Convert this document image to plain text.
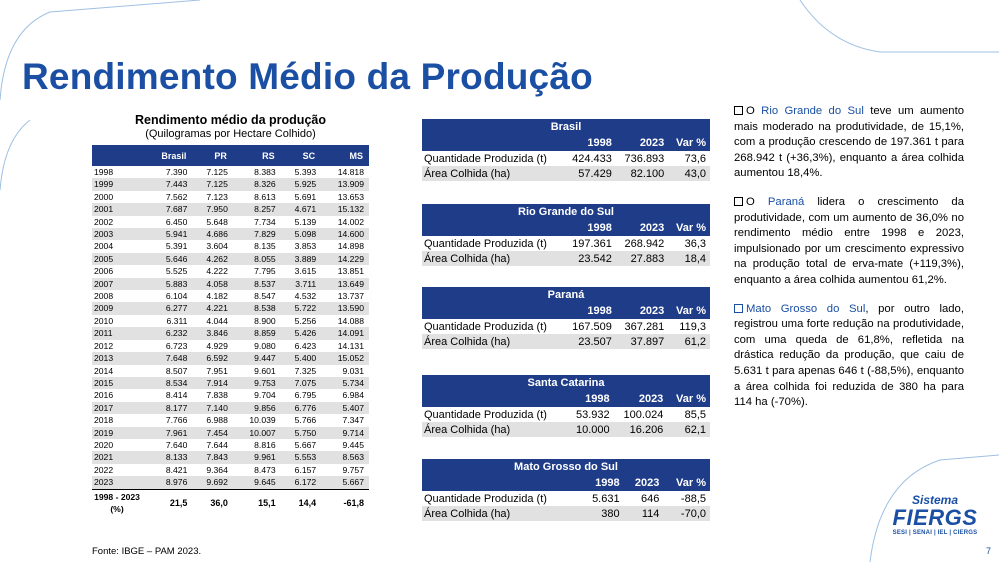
Rendimento Médio da Produção
Rendimento médio da produção
(Quilogramas por Hectare Colhido)
	Brasil	PR	RS	SC	MS
1998	7.390	7.125	8.383	5.393	14.818
1999	7.443	7.125	8.326	5.925	13.909
2000	7.562	7.123	8.613	5.691	13.653
2001	7.687	7.950	8.257	4.671	15.132
2002	6.450	5.648	7.734	5.139	14.002
2003	5.941	4.686	7.829	5.098	14.600
2004	5.391	3.604	8.135	3.853	14.898
2005	5.646	4.262	8.055	3.889	14.229
2006	5.525	4.222	7.795	3.615	13.851
2007	5.883	4.058	8.537	3.711	13.649
2008	6.104	4.182	8.547	4.532	13.737
2009	6.277	4.221	8.538	5.722	13.590
2010	6.311	4.044	8.900	5.256	14.088
2011	6.232	3.846	8.859	5.426	14.091
2012	6.723	4.929	9.080	6.423	14.131
2013	7.648	6.592	9.447	5.400	15.052
2014	8.507	7.951	9.601	7.325	9.031
2015	8.534	7.914	9.753	7.075	5.734
2016	8.414	7.838	9.704	6.795	6.984
2017	8.177	7.140	9.856	6.776	5.407
2018	7.766	6.988	10.039	5.766	7.347
2019	7.961	7.454	10.007	5.750	9.714
2020	7.640	7.644	8.816	5.667	9.445
2021	8.133	7.843	9.961	5.553	8.563
2022	8.421	9.364	8.473	6.157	9.757
2023	8.976	9.692	9.645	6.172	5.667
1998 - 2023 (%)	21,5	36,0	15,1	14,4	-61,8
Fonte: IBGE – PAM 2023.
Brasil			
	1998	2023	Var %
Quantidade Produzida (t)	424.433	736.893	73,6
Área Colhida (ha)	57.429	82.100	43,0
Rio Grande do Sul			
	1998	2023	Var %
Quantidade Produzida (t)	197.361	268.942	36,3
Área Colhida (ha)	23.542	27.883	18,4
Paraná			
	1998	2023	Var %
Quantidade Produzida (t)	167.509	367.281	119,3
Área Colhida (ha)	23.507	37.897	61,2
Santa Catarina			
	1998	2023	Var %
Quantidade Produzida (t)	53.932	100.024	85,5
Área Colhida (ha)	10.000	16.206	62,1
Mato Grosso do Sul			
	1998	2023	Var %
Quantidade Produzida (t)	5.631	646	-88,5
Área Colhida (ha)	380	114	-70,0

O Rio Grande do Sul teve um aumento mais moderado na produtividade, de 15,1%, com a produção crescendo de 197.361 t para 268.942 t (+36,3%), enquanto a área colhida aumentou 18,4%.

O Paraná lidera o crescimento da produtividade, com um aumento de 36,0% no rendimento médio entre 1998 e 2023, impulsionado por um crescimento expressivo na produção total de erva-mate (+119,3%), enquanto a área colhida aumentou 61,2%.

Mato Grosso do Sul, por outro lado, registrou uma forte redução na produtividade, com uma queda de 61,8%, refletida na drástica redução da produção, que caiu de 5.631 t para apenas 646 t (-88,5%), enquanto a área colhida foi reduzida de 380 ha para 114 ha (-70%).

Sistema
FIERGS
SESI | SENAI | IEL | CIERGS
7
